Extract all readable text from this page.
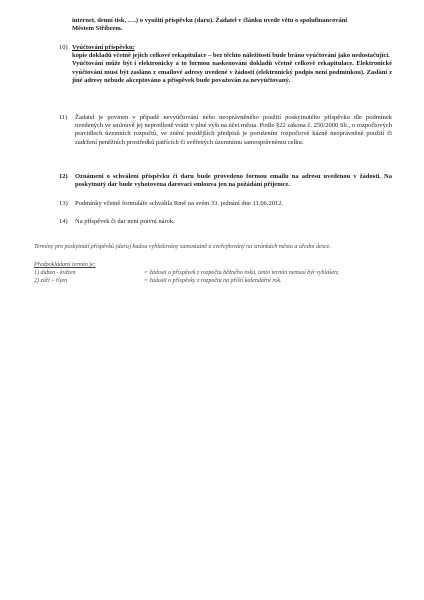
internet, denní tisk, ….) o využití příspěvku (daru). Žadatel v článku uvede větu o spolufinancování
Městem Stříbrem.
10) Vyúčtování příspěvku:
kopie dokladů včetně jejich celkové rekapitulace – bez těchto náležitostí bude bráno vyúčtování jako nedostačující.
Vyúčtování může být i elektronicky a to formou naskenování dokladů včetně celkové rekapitulace. Elektronické vyúčtování musí být zasláno z emailové adresy uvedené v žádosti (elektronický podpis není podmínkou). Zaslání z jiné adresy nebude akceptováno a příspěvek bude považován za nevyúčtovaný.
11) Žadatel je povinen v případě nevyúčtování nebo neoprávněného použití poskytnutého příspěvku dle podmínek uvedených ve smlouvě jej neprodleně vrátit v plné výši na účet města. Podle §22 zákona č. 250/2000 Sb., o rozpočtových pravidlech územních rozpočtů, ve znění pozdějších předpisů je porušením rozpočtové kázně neoprávněné použití či zadržení peněžních prostředků patřících či svěřených územnímu samosprávnému celku.
12) Oznámení o schválení příspěvku či daru bude provedeno formou emailu na adresu uvedenou v žádosti. Na poskytnutý dar bude vyhotovena darovací smlouva jen na požádání příjemce.
13) Podmínky včetně formuláře schválila Rmě na svém 33. jednání dne 11.06.2012.
14) Na příspěvek či dar není právní nárok.
Termíny pro poskytnutí příspěvků (daru) budou vyhlašovány samostatně a zveřejňovány na stránkách města a úřední desce.
Předpokládaný termín je:
1) duben - květen	= žádosti o příspěvek z rozpočtu běžného roku, tento termín nemusí být vyhlášen;
2) září – říjen	= žádosti o příspěvky z rozpočtu na příští kalendářní rok.
